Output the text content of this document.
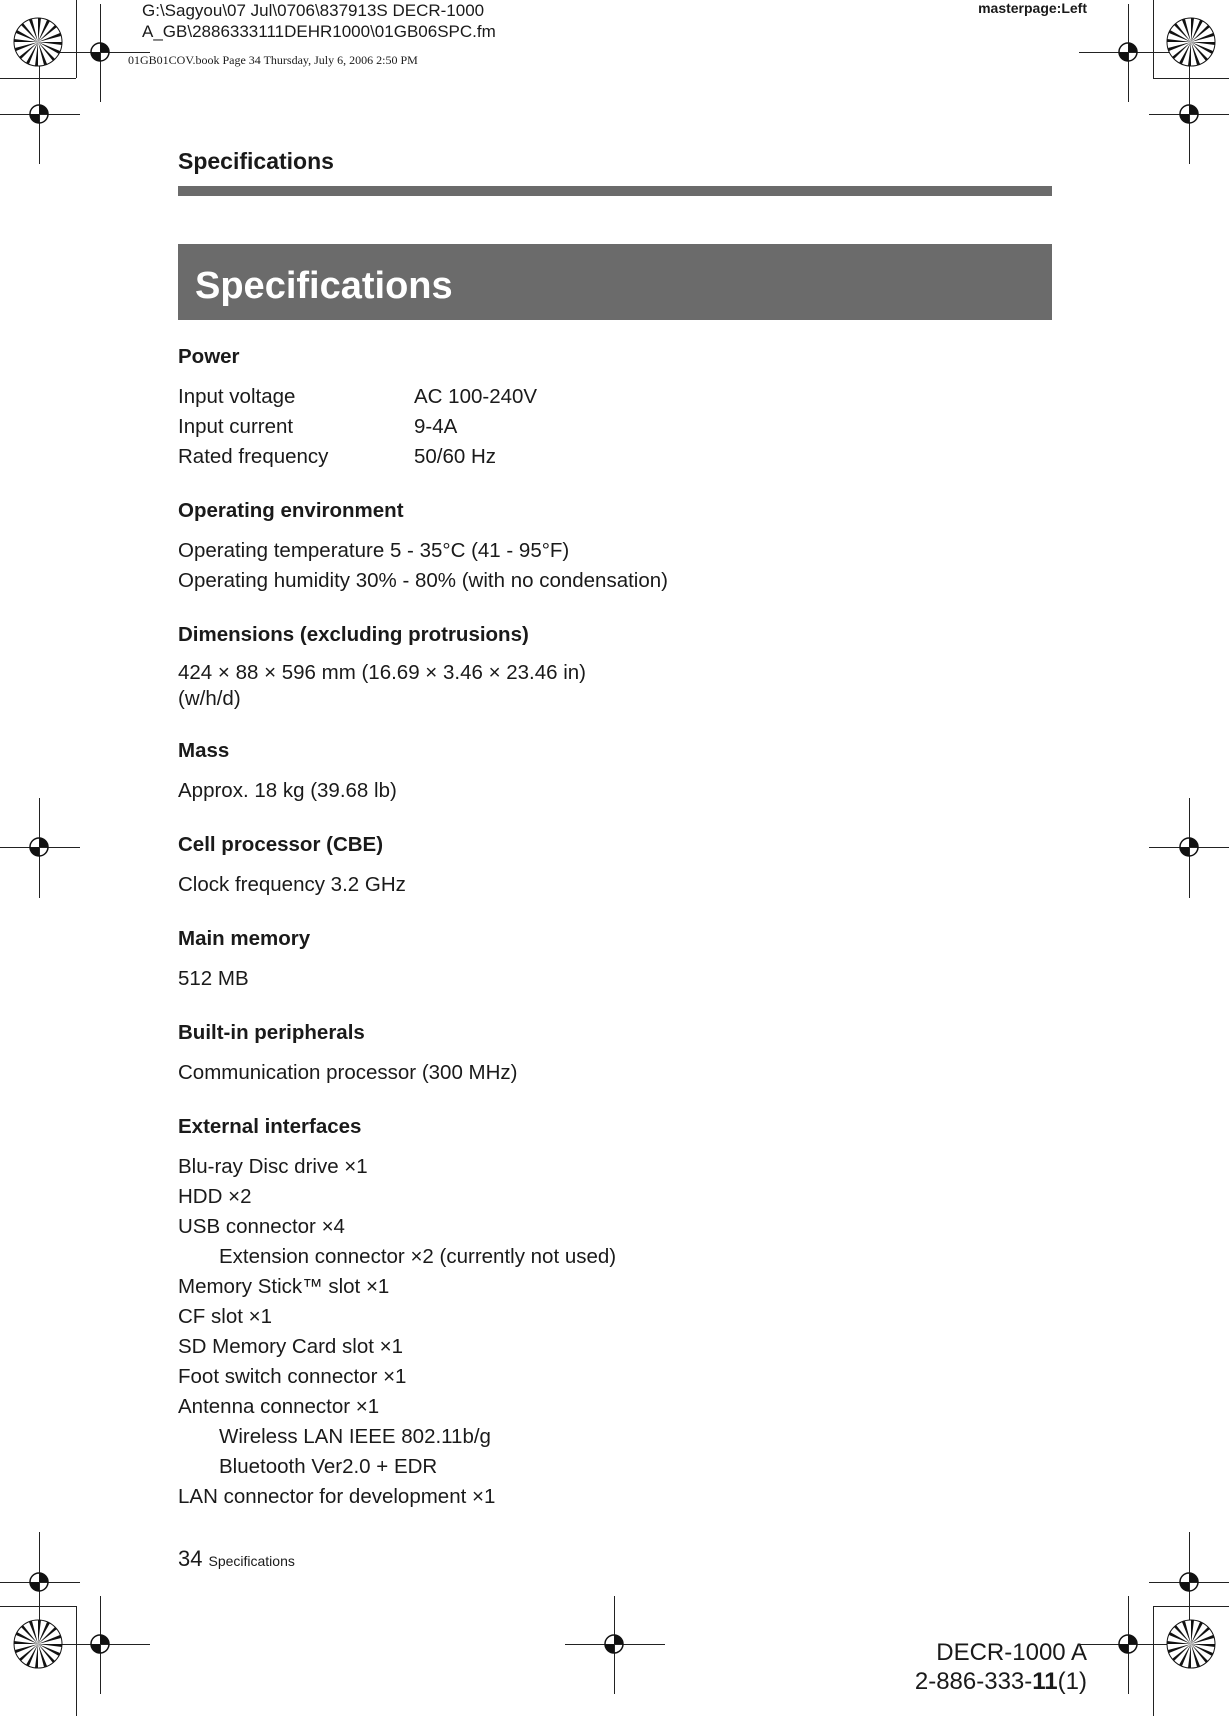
G:\Sagyou\07 Jul\0706\837913S DECR-1000
A_GB\2886333111DEHR1000\01GB06SPC.fm
masterpage:Left
01GB01COV.book Page 34 Thursday, July 6, 2006 2:50 PM
Specifications
Specifications
Power
Input voltage	AC 100-240V
Input current	9-4A
Rated frequency	50/60 Hz
Operating environment

Operating temperature 5 - 35°C (41 - 95°F)

Operating humidity 30% - 80% (with no condensation)

Dimensions (excluding protrusions)

424 × 88 × 596 mm (16.69 × 3.46 × 23.46 in)

(w/h/d)

Mass

Approx. 18 kg (39.68 lb)

Cell processor (CBE)

Clock frequency 3.2 GHz

Main memory

512 MB

Built-in peripherals

Communication processor (300 MHz)

External interfaces

Blu-ray Disc drive ×1

HDD ×2

USB connector ×4

Extension connector ×2 (currently not used)

Memory Stick™ slot ×1

CF slot ×1

SD Memory Card slot ×1

Foot switch connector ×1

Antenna connector ×1

Wireless LAN IEEE 802.11b/g

Bluetooth Ver2.0 + EDR

LAN connector for development ×1

34 Specifications
DECR-1000 A
2-886-333-11(1)
